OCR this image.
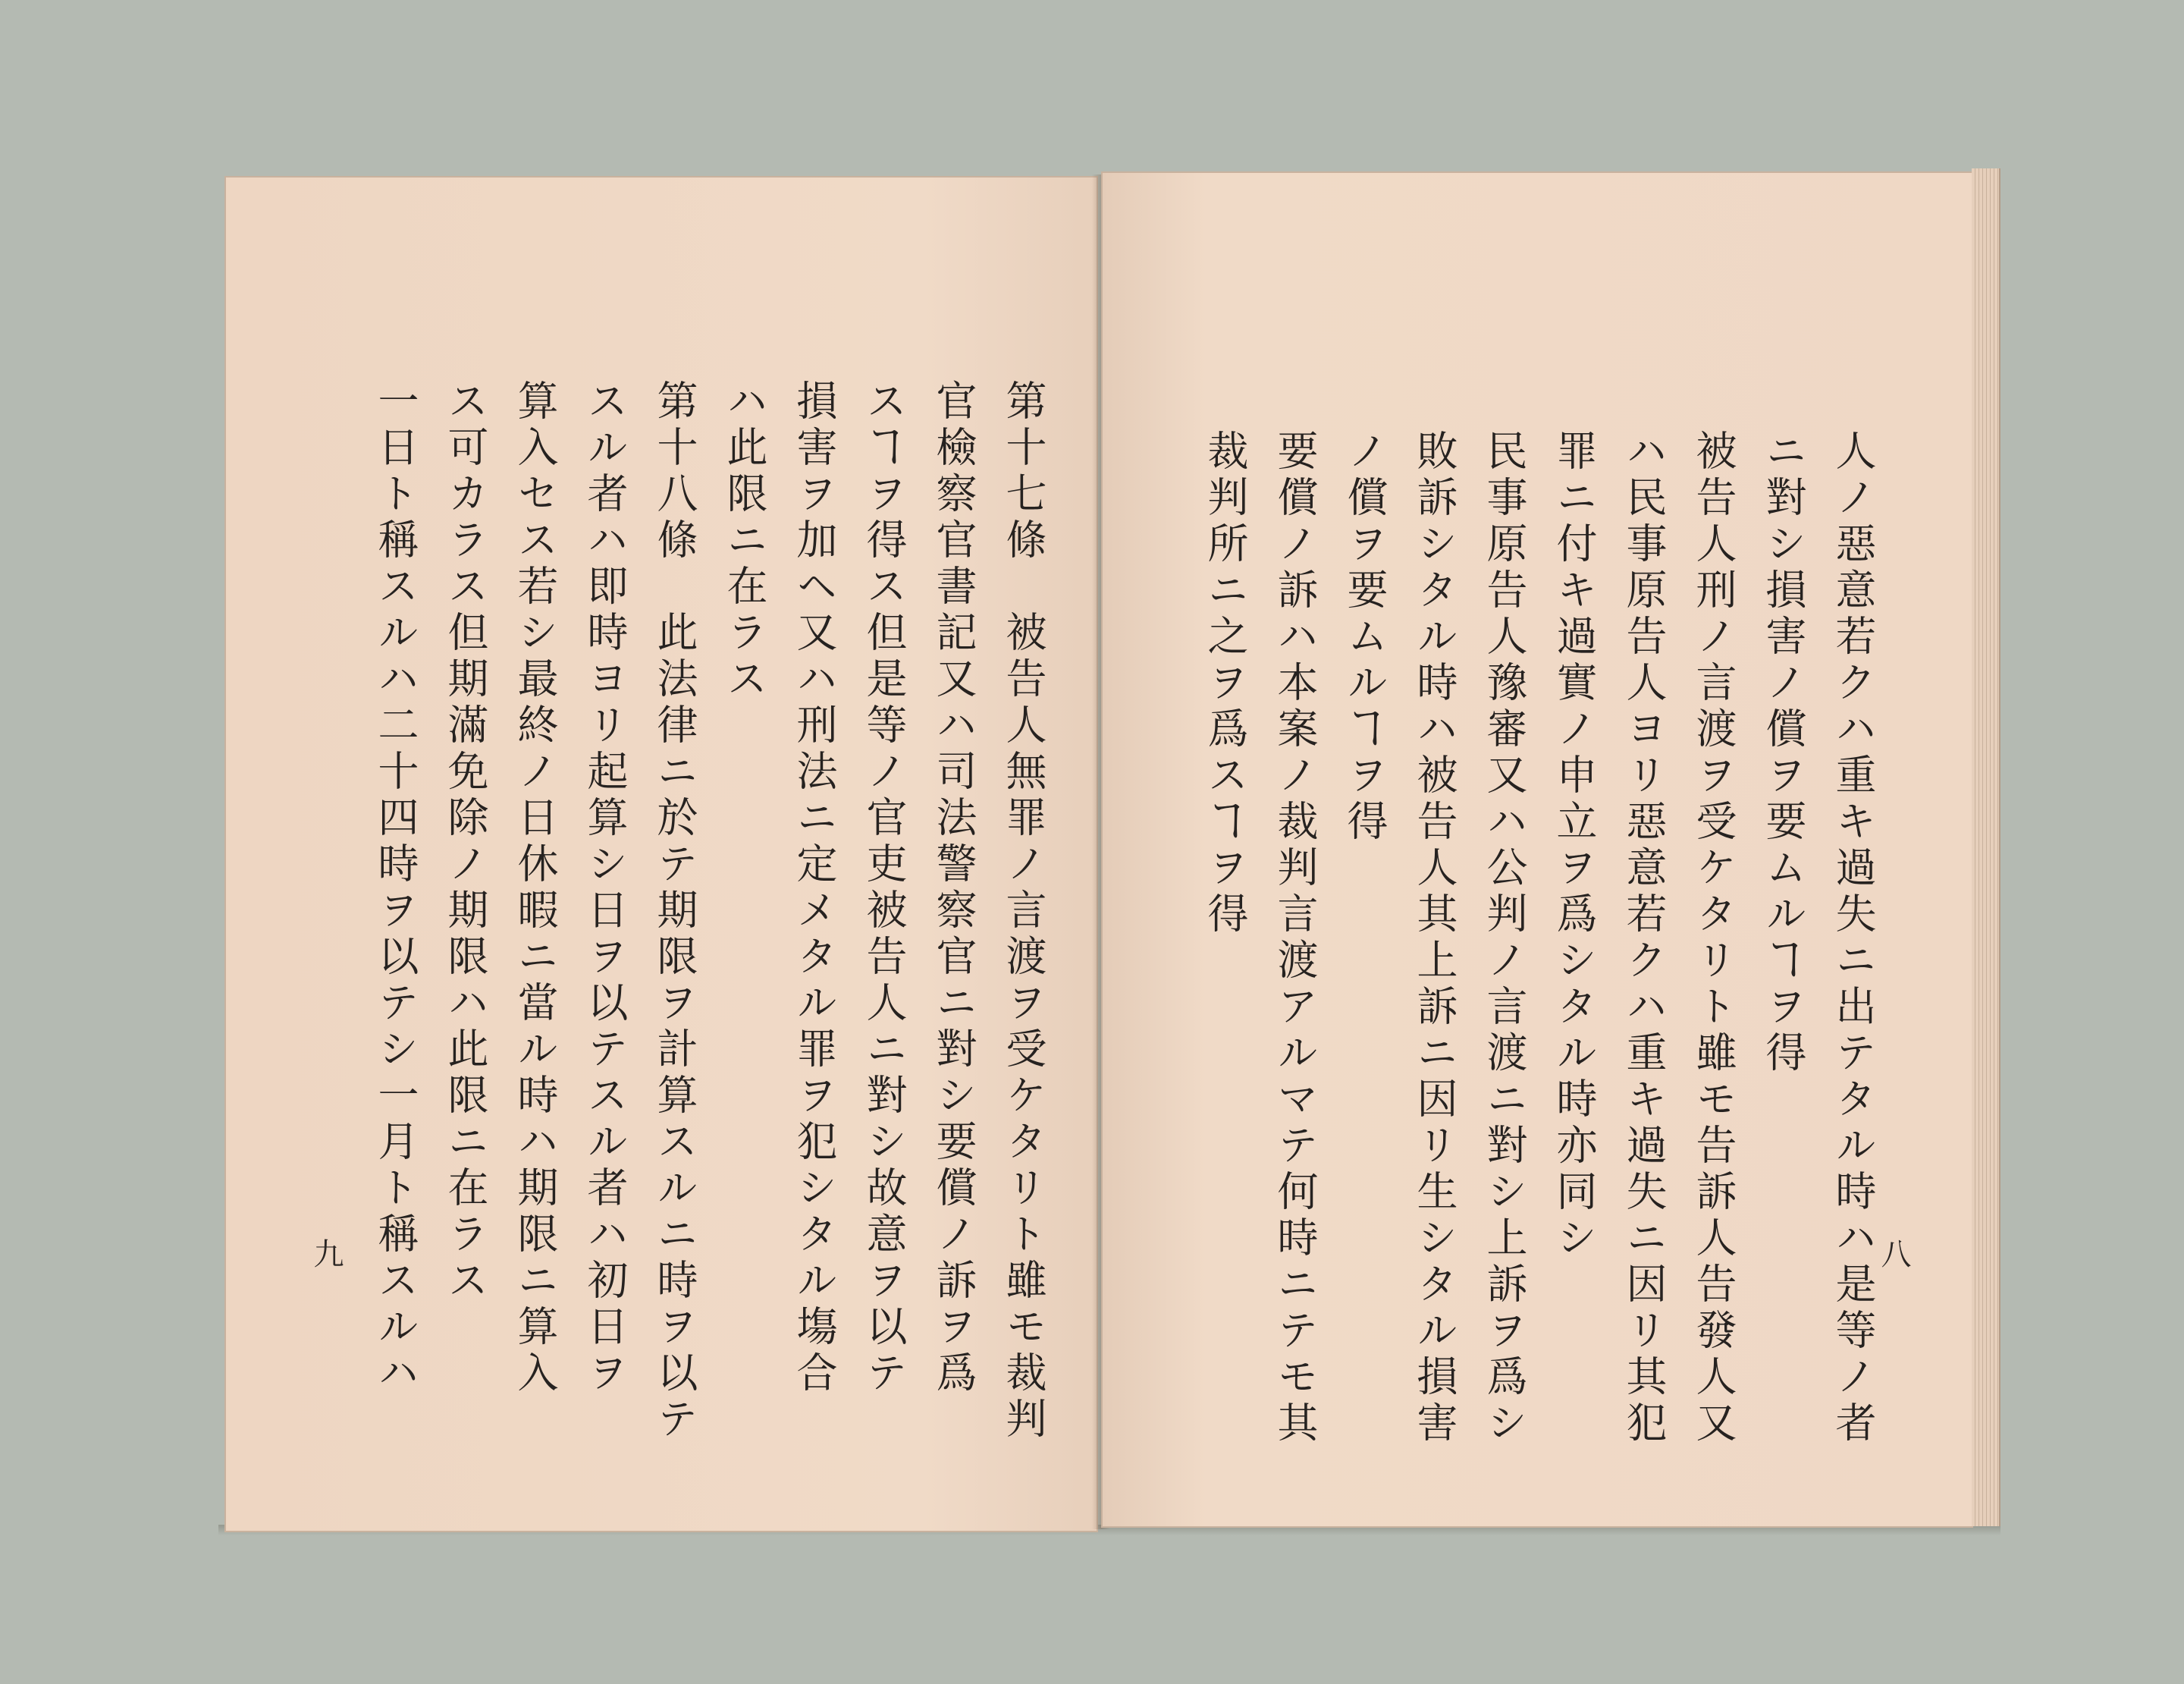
第十七條　被告人無罪ノ言渡ヲ受ケタリト雖モ裁判
官檢察官書記又ハ司法警察官ニ對シ要償ノ訴ヲ爲
スヿヲ得ス但是等ノ官吏被告人ニ對シ故意ヲ以テ
損害ヲ加ヘ又ハ刑法ニ定メタル罪ヲ犯シタル塲合
ハ此限ニ在ラス
第十八條　此法律ニ於テ期限ヲ計算スルニ時ヲ以テ
スル者ハ即時ヨリ起算シ日ヲ以テスル者ハ初日ヲ
算入セス若シ最終ノ日休暇ニ當ル時ハ期限ニ算入
ス可カラス但期滿免除ノ期限ハ此限ニ在ラス
一日ト稱スルハ二十四時ヲ以テシ一月ト稱スルハ
九	人ノ惡意若クハ重キ過失ニ出テタル時ハ是等ノ者
ニ對シ損害ノ償ヲ要ムルヿヲ得
被告人刑ノ言渡ヲ受ケタリト雖モ告訴人告發人又
ハ民事原告人ヨリ惡意若クハ重キ過失ニ因リ其犯
罪ニ付キ過實ノ申立ヲ爲シタル時亦同シ
民事原告人豫審又ハ公判ノ言渡ニ對シ上訴ヲ爲シ
敗訴シタル時ハ被告人其上訴ニ因リ生シタル損害
ノ償ヲ要ムルヿヲ得
要償ノ訴ハ本案ノ裁判言渡アルマテ何時ニテモ其
裁判所ニ之ヲ爲スヿヲ得
八
